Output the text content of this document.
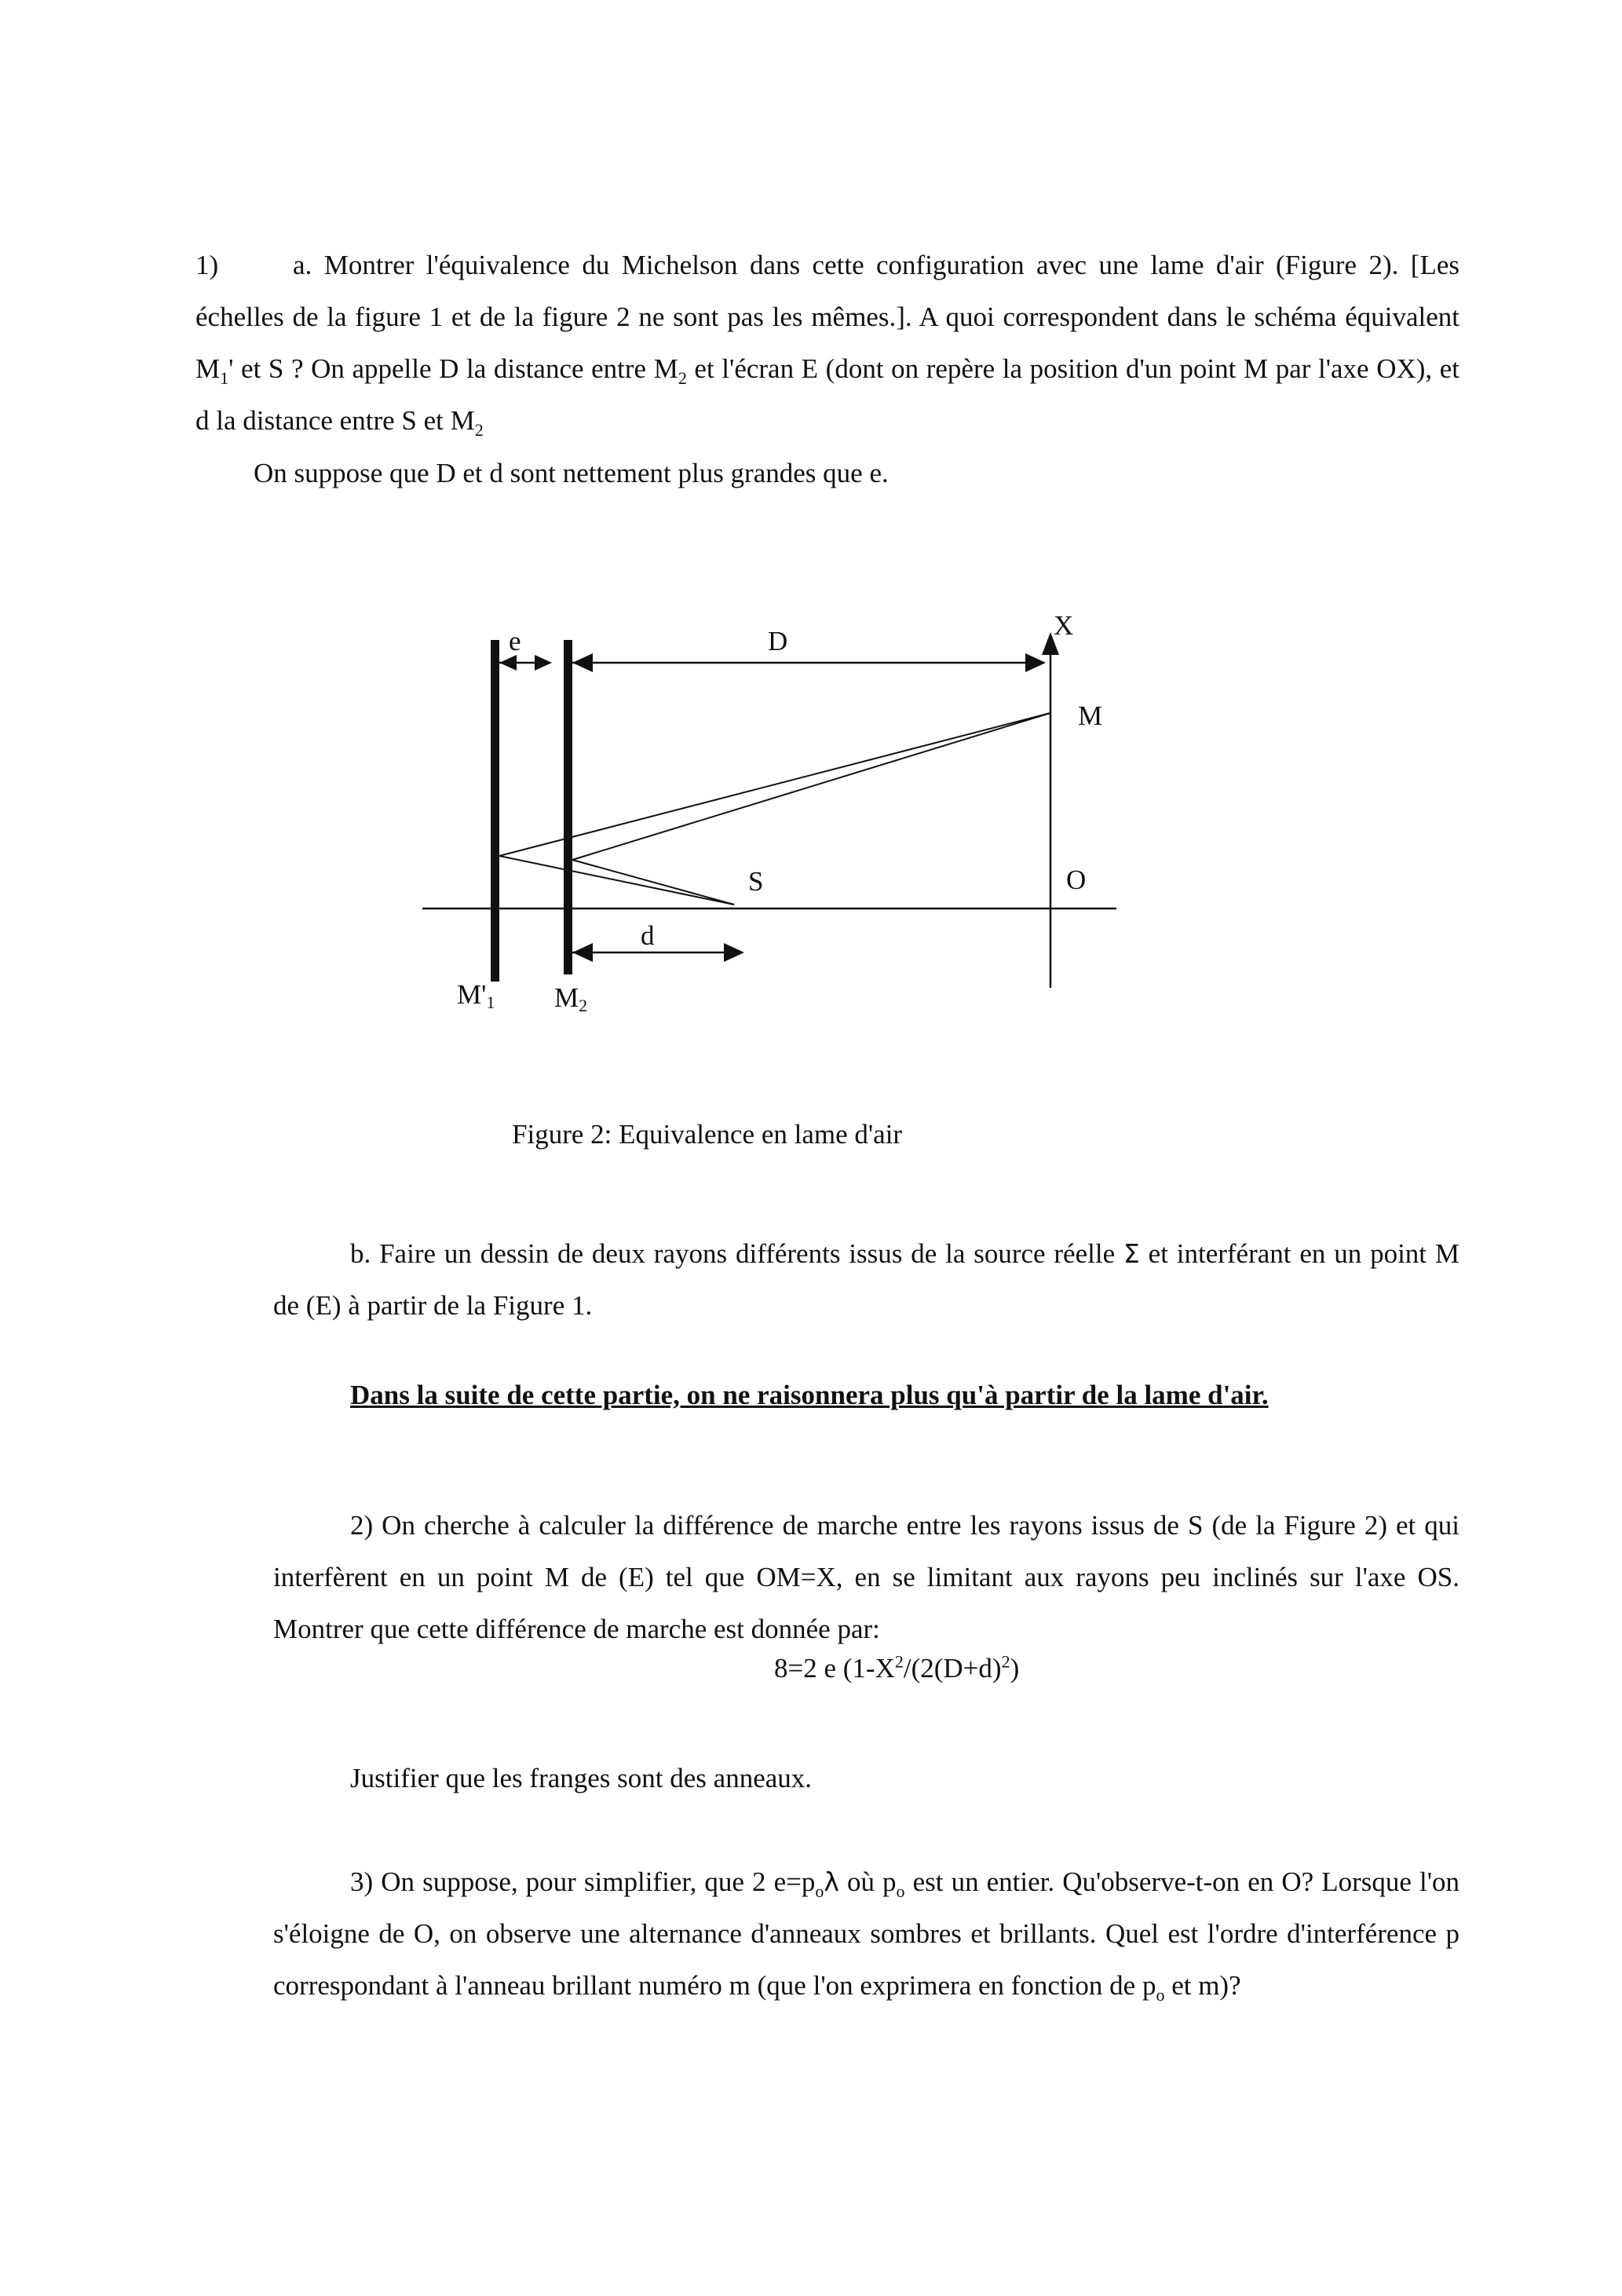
1)	a. Montrer l'équivalence du Michelson dans cette configuration avec une lame d'air (Figure 2). [Les échelles de la figure 1 et de la figure 2 ne sont pas les mêmes.]. A quoi correspondent dans le schéma équivalent $M_1'$ et S ? On appelle D la distance entre $M_2$ et l'écran E (dont on repère la position d'un point M par l'axe OX), et d la distance entre S et $M_2$

On suppose que D et d sont nettement plus grandes que e.

e	D
X
M
S	O
d
M'1 M2

Figure 2: Equivalence en lame d'air

b. Faire un dessin de deux rayons différents issus de la source réelle Σ et interférant en un point M de (E) à partir de la Figure 1.

Dans la suite de cette partie, on ne raisonnera plus qu'à partir de la lame d'air.

2) On cherche à calculer la différence de marche entre les rayons issus de S (de la Figure 2) et qui interfèrent en un point M de (E) tel que OM=X, en se limitant aux rayons peu inclinés sur l'axe OS. Montrer que cette différence de marche est donnée par:

8=2 e ($1-X^2/(2(D+d)^2)$

Justifier que les franges sont des anneaux.

3) On suppose, pour simplifier, que 2 $e=p_o\lambda$ où $p_o$ est un entier. Qu'observe-t-on en O? Lorsque l'on s'éloigne de O, on observe une alternance d'anneaux sombres et brillants. Quel est l'ordre d'interférence p correspondant à l'anneau brillant numéro m (que l'on exprimera en fonction de $p_o$ et m)?
